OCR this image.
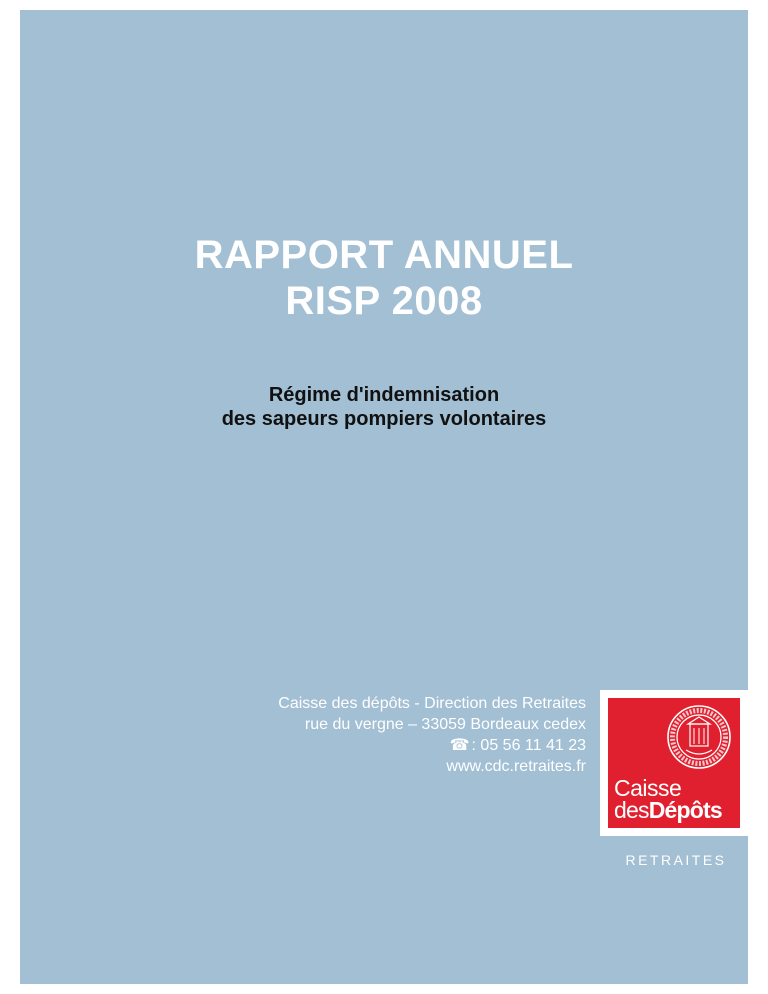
RAPPORT ANNUEL
RISP 2008
Régime d'indemnisation
des sapeurs pompiers volontaires
Caisse des dépôts - Direction des Retraites
rue du vergne – 33059 Bordeaux cedex
☎ : 05 56 11 41 23
www.cdc.retraites.fr
Caisse
desDépôts
RETRAITES
